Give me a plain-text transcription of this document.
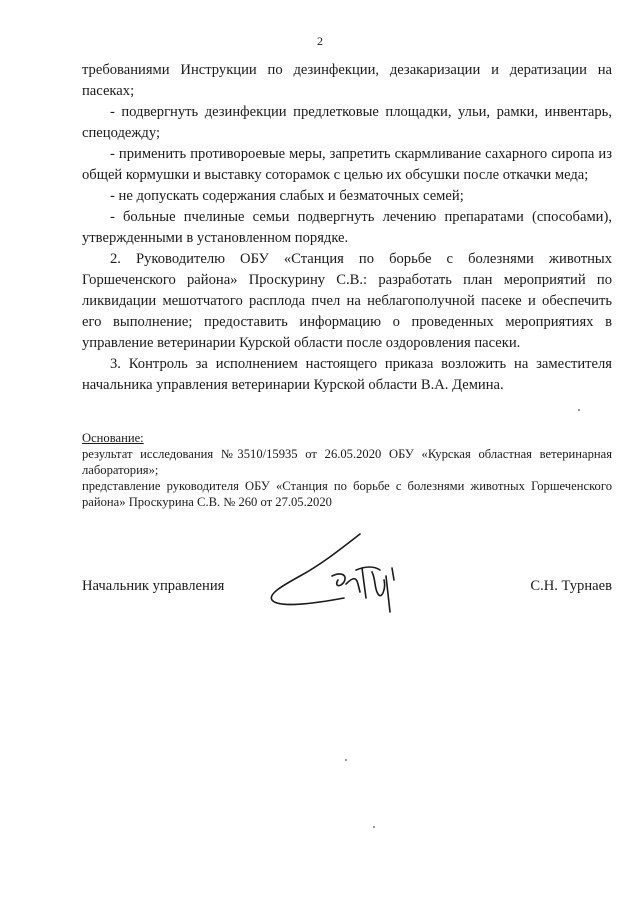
2

требованиями Инструкции по дезинфекции, дезакаризации и дератизации на пасеках;

- подвергнуть дезинфекции предлетковые площадки, ульи, рамки, инвентарь, спецодежду;

- применить противороевые меры, запретить скармливание сахарного сиропа из общей кормушки и выставку сотoрамок с целью их обсушки после откачки меда;

- не допускать содержания слабых и безматочных семей;

- больные пчелиные семьи подвергнуть лечению препаратами (способами), утвержденными в установленном порядке.

2. Руководителю ОБУ «Станция по борьбе с болезнями животных Горшеченского района» Проскурину С.В.: разработать план мероприятий по ликвидации мешотчатого расплода пчел на неблагополучной пасеке и обеспечить его выполнение; предоставить информацию о проведенных мероприятиях в управление ветеринарии Курской области после оздоровления пасеки.

3. Контроль за исполнением настоящего приказа возложить на заместителя начальника управления ветеринарии Курской области В.А. Демина.

Основание:

результат исследования №3510/15935 от 26.05.2020 ОБУ «Курская областная ветеринарная лаборатория»;

представление руководителя ОБУ «Станция по борьбе с болезнями животных Горшеченского района» Проскурина С.В. № 260 от 27.05.2020

Начальник управления	С.Н. Турнаев
